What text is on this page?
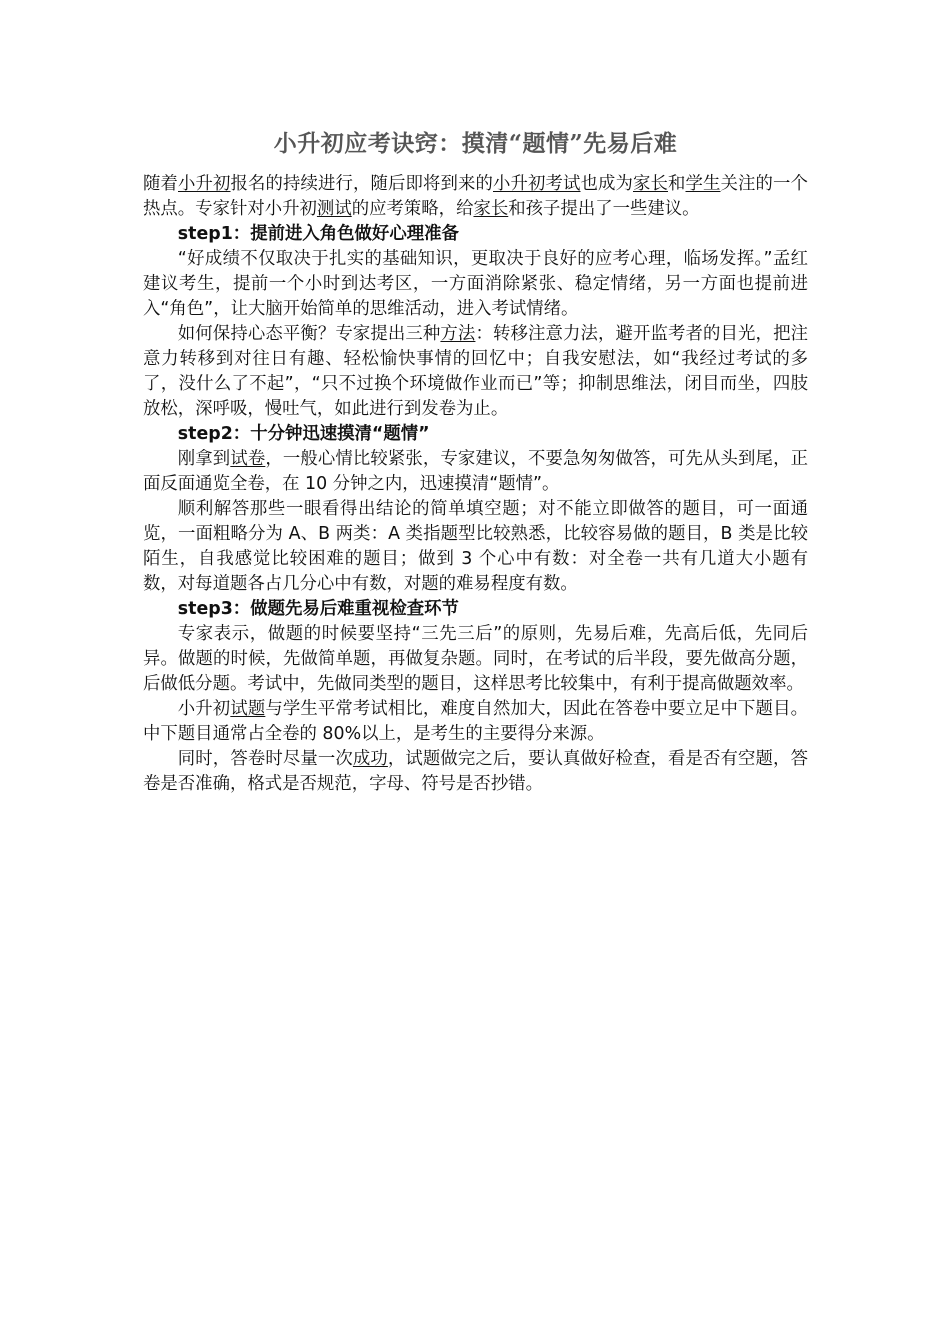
小升初应考诀窍：摸清“题情”先易后难

随着小升初报名的持续进行，随后即将到来的小升初考试也成为家长和学生关注的一个热点。专家针对小升初测试的应考策略，给家长和孩子提出了一些建议。

step1：提前进入角色做好心理准备

“好成绩不仅取决于扎实的基础知识，更取决于良好的应考心理，临场发挥。”孟红建议考生，提前一个小时到达考区，一方面消除紧张、稳定情绪，另一方面也提前进入“角色”，让大脑开始简单的思维活动，进入考试情绪。

如何保持心态平衡？专家提出三种方法：转移注意力法，避开监考者的目光，把注意力转移到对往日有趣、轻松愉快事情的回忆中；自我安慰法，如“我经过考试的多了，没什么了不起”，“只不过换个环境做作业而已”等；抑制思维法，闭目而坐，四肢放松，深呼吸，慢吐气，如此进行到发卷为止。

step2：十分钟迅速摸清“题情”

刚拿到试卷，一般心情比较紧张，专家建议，不要急匆匆做答，可先从头到尾，正面反面通览全卷，在 10 分钟之内，迅速摸清“题情”。

顺利解答那些一眼看得出结论的简单填空题；对不能立即做答的题目，可一面通览，一面粗略分为 A、B 两类：A 类指题型比较熟悉，比较容易做的题目，B 类是比较陌生，自我感觉比较困难的题目；做到 3 个心中有数：对全卷一共有几道大小题有数，对每道题各占几分心中有数，对题的难易程度有数。

step3：做题先易后难重视检查环节

专家表示，做题的时候要坚持“三先三后”的原则，先易后难，先高后低，先同后异。做题的时候，先做简单题，再做复杂题。同时，在考试的后半段，要先做高分题，后做低分题。考试中，先做同类型的题目，这样思考比较集中，有利于提高做题效率。

小升初试题与学生平常考试相比，难度自然加大，因此在答卷中要立足中下题目。中下题目通常占全卷的 80%以上，是考生的主要得分来源。

同时，答卷时尽量一次成功，试题做完之后，要认真做好检查，看是否有空题，答卷是否准确，格式是否规范，字母、符号是否抄错。
